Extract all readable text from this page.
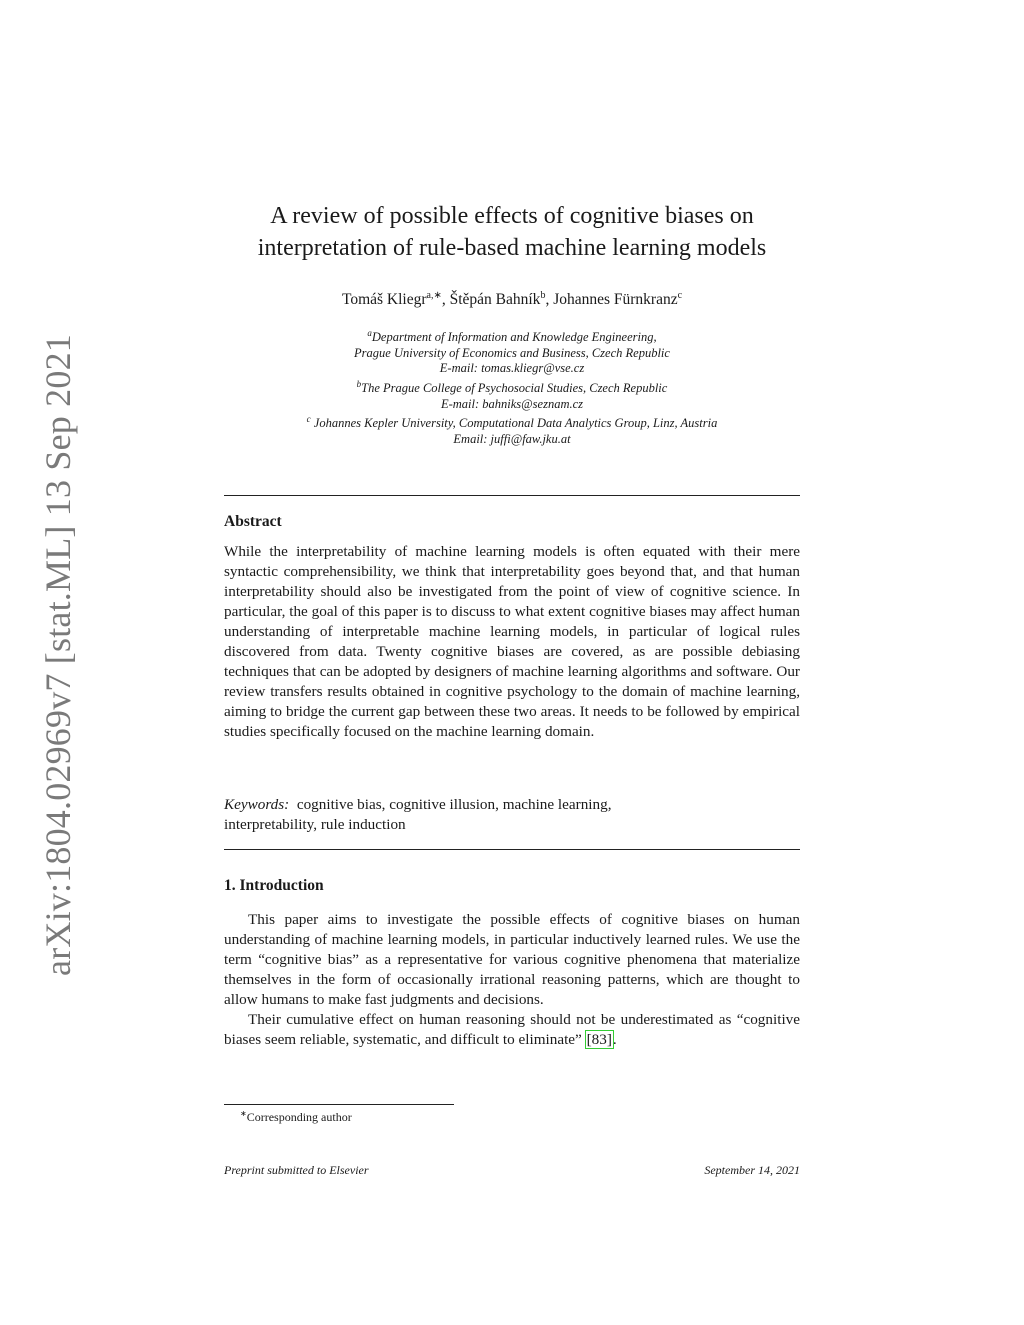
arXiv:1804.02969v7 [stat.ML] 13 Sep 2021
A review of possible effects of cognitive biases on
interpretation of rule-based machine learning models
Tomáš Kliegr$^{a,∗}$, Štěpán Bahník$^b$, Johannes Fürnkranz$^c$
$^a$Department of Information and Knowledge Engineering,
Prague University of Economics and Business, Czech Republic
E-mail: tomas.kliegr@vse.cz
$^b$The Prague College of Psychosocial Studies, Czech Republic
E-mail: bahniks@seznam.cz
$^c$ Johannes Kepler University, Computational Data Analytics Group, Linz, Austria
Email: juffi@faw.jku.at
Abstract

While the interpretability of machine learning models is often equated with their mere syntactic comprehensibility, we think that interpretability goes beyond that, and that human interpretability should also be investigated from the point of view of cognitive science. In particular, the goal of this paper is to discuss to what extent cognitive biases may affect human understanding of interpretable machine learning models, in particular of logical rules discovered from data. Twenty cognitive biases are covered, as are possible debiasing techniques that can be adopted by designers of machine learning algorithms and software. Our review transfers results obtained in cognitive psychology to the domain of machine learning, aiming to bridge the current gap between these two areas. It needs to be followed by empirical studies specifically focused on the machine learning domain.

Keywords: cognitive bias, cognitive illusion, machine learning,
interpretability, rule induction
1. Introduction

This paper aims to investigate the possible effects of cognitive biases on human understanding of machine learning models, in particular inductively learned rules. We use the term “cognitive bias” as a representative for various cognitive phenomena that materialize themselves in the form of occasionally irrational reasoning patterns, which are thought to allow humans to make fast judgments and decisions.

Their cumulative effect on human reasoning should not be underestimated as “cognitive biases seem reliable, systematic, and difficult to eliminate” [83].

∗Corresponding author
Preprint submitted to Elsevier	September 14, 2021
